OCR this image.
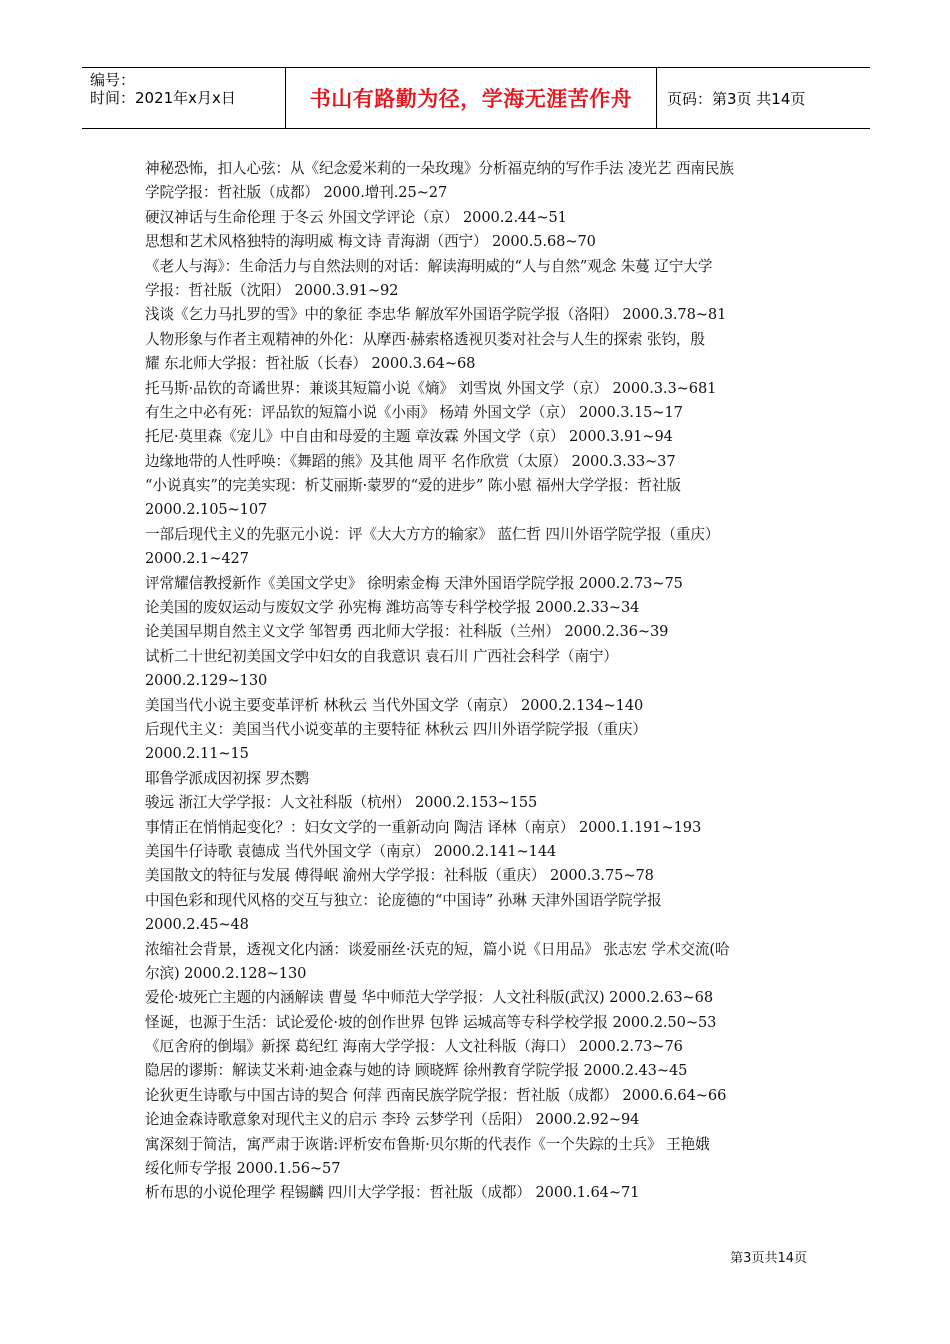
编号：
时间：2021年x月x日	书山有路勤为径，学海无涯苦作舟	页码：第3页 共14页
神秘恐怖，扣人心弦：从《纪念爱米莉的一朵玫瑰》分析福克纳的写作手法 凌光艺 西南民族
学院学报：哲社版（成都） 2000.增刊.25~27
硬汉神话与生命伦理 于冬云 外国文学评论（京） 2000.2.44~51
思想和艺术风格独特的海明威 梅文诗 青海湖（西宁） 2000.5.68~70
《老人与海》：生命活力与自然法则的对话：解读海明威的“人与自然”观念 朱蔓 辽宁大学
学报：哲社版（沈阳） 2000.3.91~92
浅谈《乞力马扎罗的雪》中的象征 李忠华 解放军外国语学院学报（洛阳） 2000.3.78~81
人物形象与作者主观精神的外化：从摩西·赫索格透视贝娄对社会与人生的探索 张钧，殷
耀 东北师大学报：哲社版（长春） 2000.3.64~68
托马斯·品钦的奇谲世界：兼谈其短篇小说《熵》 刘雪岚 外国文学（京） 2000.3.3~681
有生之中必有死：评品钦的短篇小说《小雨》 杨靖 外国文学（京） 2000.3.15~17
托尼·莫里森《宠儿》中自由和母爱的主题 章汝霖 外国文学（京） 2000.3.91~94
边缘地带的人性呼唤：《舞蹈的熊》及其他 周平 名作欣赏（太原） 2000.3.33~37
“小说真实”的完美实现：析艾丽斯·蒙罗的“爱的进步” 陈小慰 福州大学学报：哲社版
2000.2.105~107
一部后现代主义的先驱元小说：评《大大方方的输家》 蓝仁哲 四川外语学院学报（重庆）
2000.2.1~427
评常耀信教授新作《美国文学史》 徐明索金梅 天津外国语学院学报 2000.2.73~75
论美国的废奴运动与废奴文学 孙宪梅 潍坊高等专科学校学报 2000.2.33~34
论美国早期自然主义文学 邹智勇 西北师大学报：社科版（兰州） 2000.2.36~39
试析二十世纪初美国文学中妇女的自我意识 袁石川 广西社会科学（南宁）
2000.2.129~130
美国当代小说主要变革评析 林秋云 当代外国文学（南京） 2000.2.134~140
后现代主义：美国当代小说变革的主要特征 林秋云 四川外语学院学报（重庆）
2000.2.11~15
耶鲁学派成因初探 罗杰鹦
骏远 浙江大学学报：人文社科版（杭州） 2000.2.153~155
事情正在悄悄起变化？：妇女文学的一重新动向 陶洁 译林（南京） 2000.1.191~193
美国牛仔诗歌 袁德成 当代外国文学（南京） 2000.2.141~144
美国散文的特征与发展 傅得岷 渝州大学学报：社科版（重庆） 2000.3.75~78
中国色彩和现代风格的交互与独立：论庞德的“中国诗” 孙琳 天津外国语学院学报
2000.2.45~48
浓缩社会背景，透视文化内涵：谈爱丽丝·沃克的短，篇小说《日用品》 张志宏 学术交流(哈
尔滨) 2000.2.128~130
爱伦·坡死亡主题的内涵解读 曹曼 华中师范大学学报：人文社科版(武汉) 2000.2.63~68
怪诞，也源于生活：试论爱伦·坡的创作世界 包铧 运城高等专科学校学报 2000.2.50~53
《厄舍府的倒塌》新探 葛纪红 海南大学学报：人文社科版（海口） 2000.2.73~76
隐居的谬斯：解读艾米莉·迪金森与她的诗 顾晓辉 徐州教育学院学报 2000.2.43~45
论狄更生诗歌与中国古诗的契合 何萍 西南民族学院学报：哲社版（成都） 2000.6.64~66
论迪金森诗歌意象对现代主义的启示 李玲 云梦学刊（岳阳） 2000.2.92~94
寓深刻于简洁，寓严肃于诙谐:评析安布鲁斯·贝尔斯的代表作《一个失踪的士兵》 王艳娥
绥化师专学报 2000.1.56~57
析布思的小说伦理学 程锡麟 四川大学学报：哲社版（成都） 2000.1.64~71
第3页共14页
